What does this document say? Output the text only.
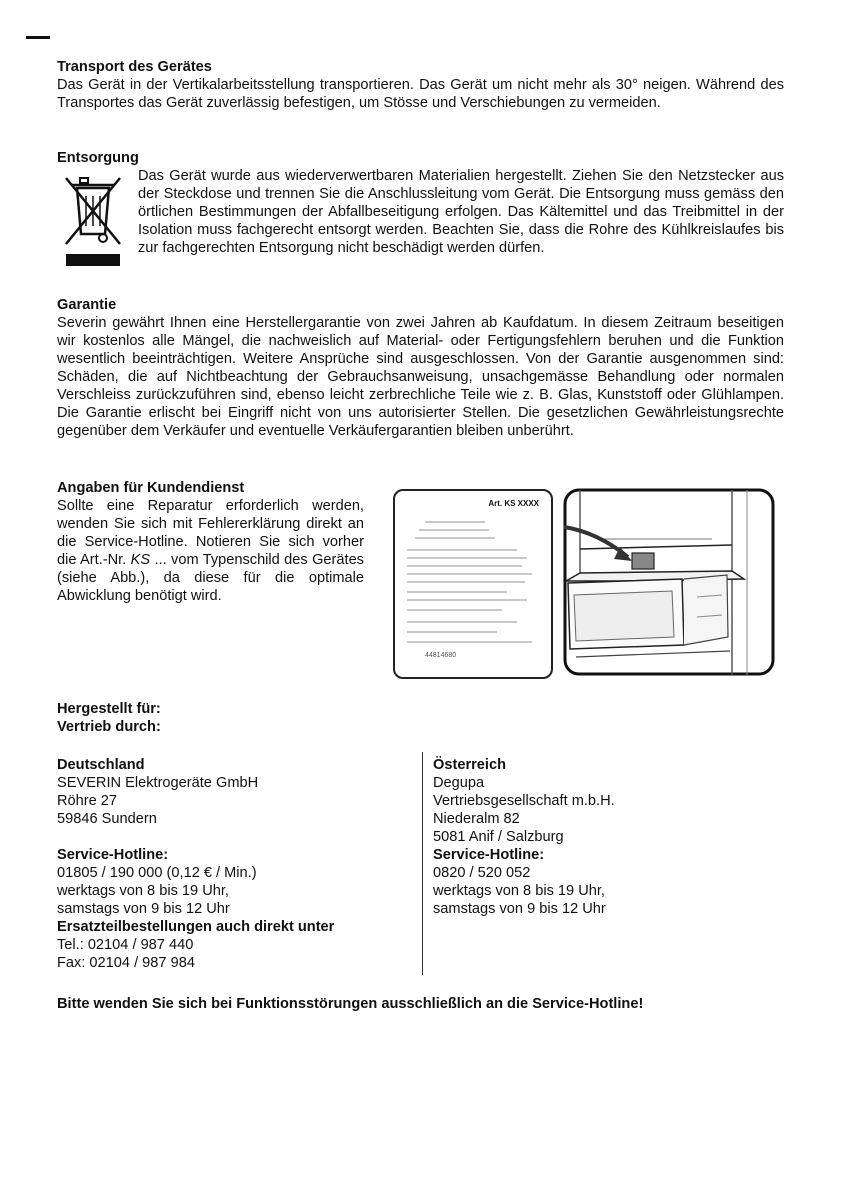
Transport des Gerätes

Das Gerät in der Vertikalarbeitsstellung transportieren. Das Gerät um nicht mehr als 30° neigen. Während des Transportes das Gerät zuverlässig befestigen, um Stösse und Verschiebungen zu vermeiden.

Entsorgung

Das Gerät wurde aus wiederverwertbaren Materialien hergestellt. Ziehen Sie den Netzstecker aus der Steckdose und trennen Sie die Anschlussleitung vom Gerät. Die Entsorgung muss gemäss den örtlichen Bestimmungen der Abfallbeseitigung erfolgen. Das Kältemittel und das Treibmittel in der Isolation muss fachgerecht entsorgt werden. Beachten Sie, dass die Rohre des Kühlkreislaufes bis zur fachgerechten Entsorgung nicht beschädigt werden dürfen.

Garantie

Severin gewährt Ihnen eine Herstellergarantie von zwei Jahren ab Kaufdatum. In diesem Zeitraum beseitigen wir kostenlos alle Mängel, die nachweislich auf Material- oder Fertigungsfehlern beruhen und die Funktion wesentlich beeinträchtigen. Weitere Ansprüche sind ausgeschlossen. Von der Garantie ausgenommen sind: Schäden, die auf Nichtbeachtung der Gebrauchsanweisung, unsachgemässe Behandlung oder normalen Verschleiss zurückzuführen sind, ebenso leicht zerbrechliche Teile wie z. B. Glas, Kunststoff oder Glühlampen. Die Garantie erlischt bei Eingriff nicht von uns autorisierter Stellen. Die gesetzlichen Gewährleistungsrechte gegenüber dem Verkäufer und eventuelle Verkäufergarantien bleiben unberührt.

Angaben für Kundendienst

Sollte eine Reparatur erforderlich werden, wenden Sie sich mit Fehlererklärung direkt an die Service-Hotline. Notieren Sie sich vorher die Art.-Nr. KS ... vom Typenschild des Gerätes (siehe Abb.), da diese für die optimale Abwicklung benötigt wird.

Art. KS XXXX
44814680
Hergestellt für:
Vertrieb durch:
Deutschland

SEVERIN Elektrogeräte GmbH

Röhre 27

59846 Sundern

Service-Hotline:

01805 / 190 000 (0,12 € / Min.)

werktags von 8 bis 19 Uhr,

samstags von 9 bis 12 Uhr

Ersatzteilbestellungen auch direkt unter

Tel.: 02104 / 987 440

Fax: 02104 / 987 984

Österreich

Degupa

Vertriebsgesellschaft m.b.H.

Niederalm 82

5081 Anif / Salzburg

Service-Hotline:

0820 / 520 052

werktags von 8 bis 19 Uhr,

samstags von 9 bis 12 Uhr

Bitte wenden Sie sich bei Funktionsstörungen ausschließlich an die Service-Hotline!
